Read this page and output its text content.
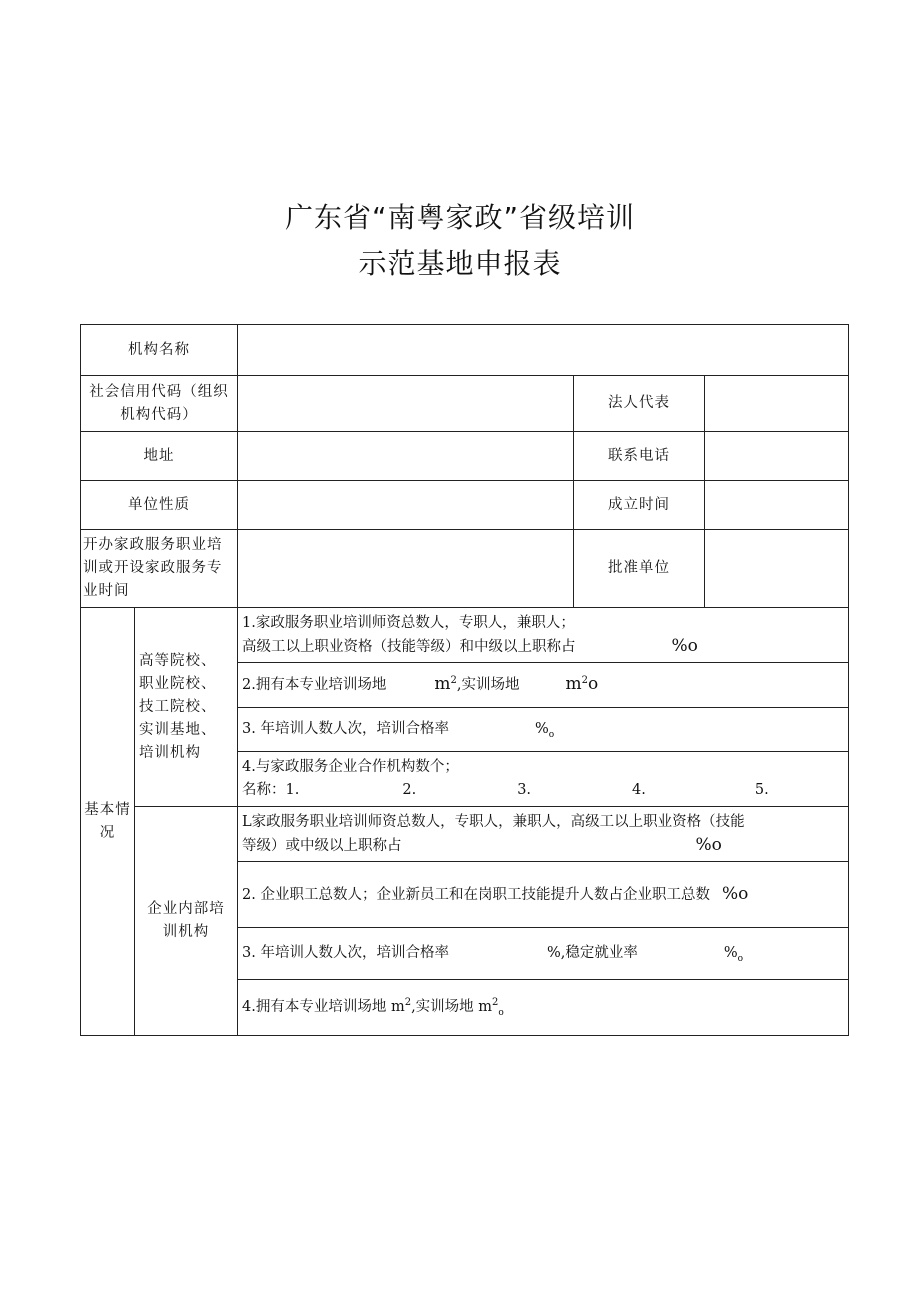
广东省“南粤家政”省级培训
示范基地申报表
机构名称				

社会信用代码（组织
机构代码）			法人代表	
地址			联系电话	
单位性质			成立时间	

开办家政服务职业培
训或开设家政服务专
业时间			批准单位	

基本情
况	高等院校、
职业院校、
技工院校、
实训基地、
培训机构	1.家政服务职业培训师资总数人，专职人，兼职人；
高级工以上职业资格（技能等级）和中级以上职称占 %o		

		2.拥有本专业培训场地 $m^2$,实训场地 $m^2o$		
		3. 年培训人数人次，培训合格率 $\%_o$

		4.与家政服务企业合作机构数个；
名称：1. 2. 3. 4. 5.		

	企业内部培
训机构	L家政服务职业培训师资总数人，专职人，兼职人，高级工以上职业资格（技能
等级）或中级以上职称占 %o		

		2. 企业职工总数人；企业新员工和在岗职工技能提升人数占企业职工总数 %o		
		3. 年培训人数人次，培训合格率 %,稳定就业率 $\%_o$
		4.拥有本专业培训场地 $m^2$,实训场地 $m^2_o$
